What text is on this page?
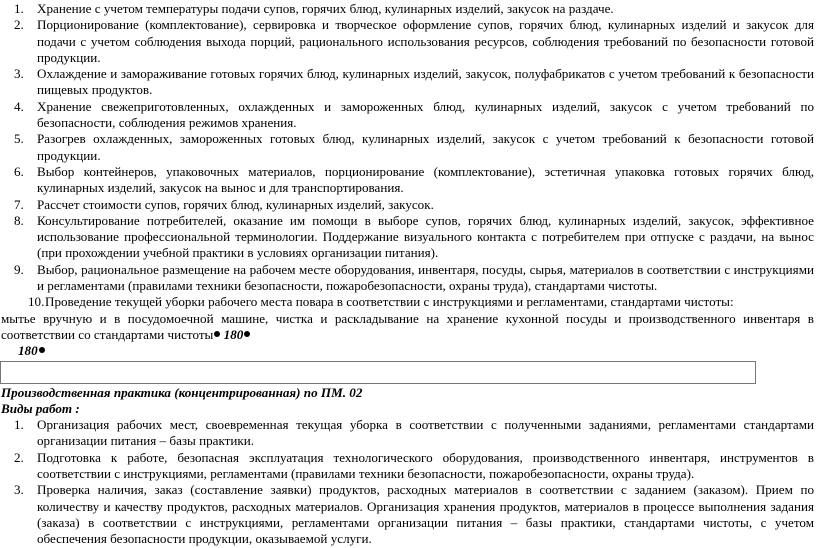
1. Хранение с учетом температуры подачи супов, горячих блюд, кулинарных изделий, закусок на раздаче.
2. Порционирование (комплектование), сервировка и творческое оформление супов, горячих блюд, кулинарных изделий и закусок для подачи с учетом соблюдения выхода порций, рационального использования ресурсов, соблюдения требований по безопасности готовой продукции.
3. Охлаждение и замораживание готовых горячих блюд, кулинарных изделий, закусок, полуфабрикатов с учетом требований к безопасности пищевых продуктов.
4. Хранение свежеприготовленных, охлажденных и замороженных блюд, кулинарных изделий, закусок с учетом требований по безопасности, соблюдения режимов хранения.
5. Разогрев охлажденных, замороженных готовых блюд, кулинарных изделий, закусок с учетом требований к безопасности готовой продукции.
6. Выбор контейнеров, упаковочных материалов, порционирование (комплектование), эстетичная упаковка готовых горячих блюд, кулинарных изделий, закусок на вынос и для транспортирования.
7. Рассчет стоимости супов, горячих блюд, кулинарных изделий, закусок.
8. Консультирование потребителей, оказание им помощи в выборе супов, горячих блюд, кулинарных изделий, закусок, эффективное использование профессиональной терминологии. Поддержание визуального контакта с потребителем при отпуске с раздачи, на вынос (при прохождении учебной практики в условиях организации питания).
9. Выбор, рациональное размещение на рабочем месте оборудования, инвентаря, посуды, сырья, материалов в соответствии с инструкциями и регламентами (правилами техники безопасности, пожаробезопасности, охраны труда), стандартами чистоты.
10. Проведение текущей уборки рабочего места повара в соответствии с инструкциями и регламентами, стандартами чистоты:
мытье вручную и в посудомоечной машине, чистка и раскладывание на хранение кухонной посуды и производственного инвентаря в соответствии со стандартами чистоты 180
180
Производственная практика (концентрированная) по ПМ. 02
Виды работ :
1. Организация рабочих мест, своевременная текущая уборка в соответствии с полученными заданиями, регламентами стандартами организации питания – базы практики.
2. Подготовка к работе, безопасная эксплуатация технологического оборудования, производственного инвентаря, инструментов в соответствии с инструкциями, регламентами (правилами техники безопасности, пожаробезопасности, охраны труда).
3. Проверка наличия, заказ (составление заявки) продуктов, расходных материалов в соответствии с заданием (заказом). Прием по количеству и качеству продуктов, расходных материалов. Организация хранения продуктов, материалов в процессе выполнения задания (заказа) в соответствии с инструкциями, регламентами организации питания – базы практики, стандартами чистоты, с учетом обеспечения безопасности продукции, оказываемой услуги.
